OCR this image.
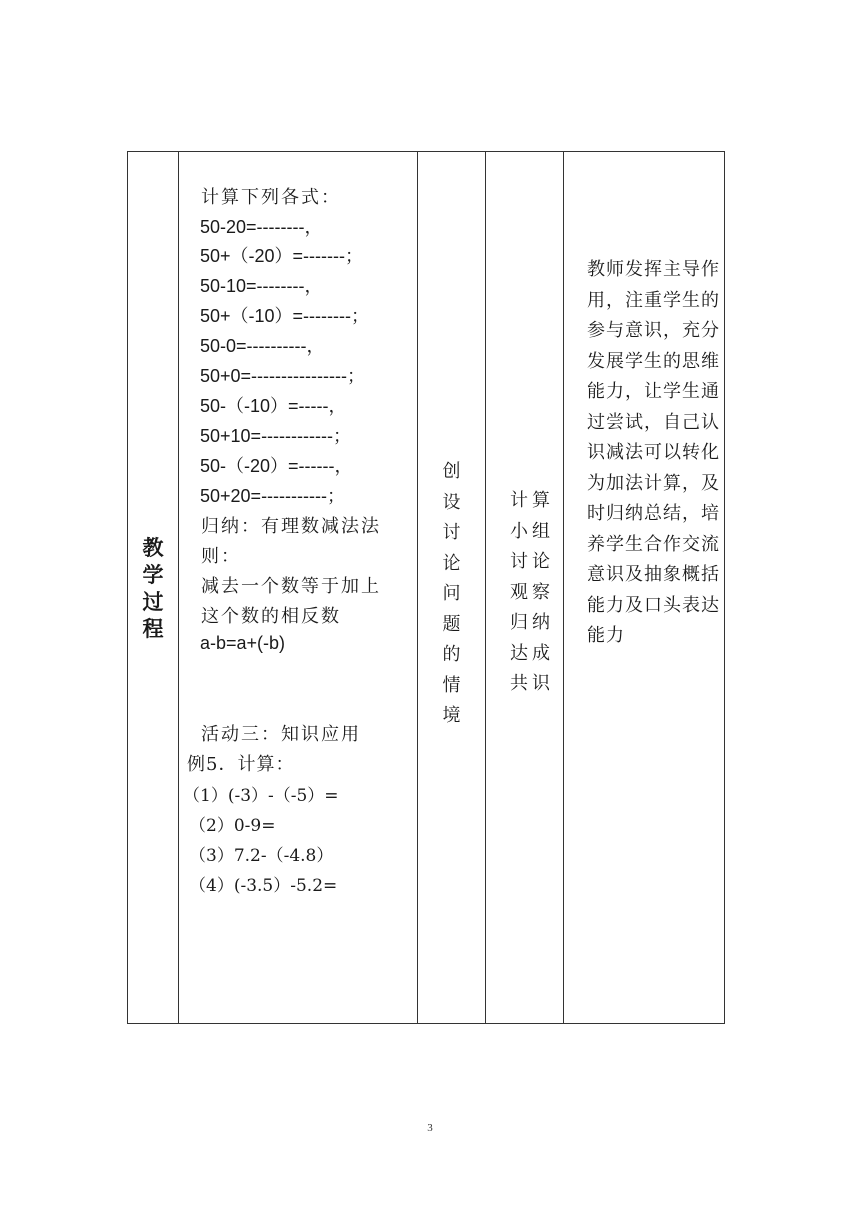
教学过程
计算下列各式：
50-20=--------，
50+（-20）=-------；
50-10=--------，
50+（-10）=--------；
50-0=----------，
50+0=----------------；
50-（-10）=-----，
50+10=------------；
50-（-20）=------，
50+20=-----------；
归纳：有理数减法法
则：
减去一个数等于加上
这个数的相反数
a-b=a+(-b)
活动三：知识应用
例5．计算：
（1）(-3）-（-5）=
（2）0-9=
（3）7.2-（-4.8）
（4）(-3.5）-5.2=
创设讨论问题的情境
计算小组讨论观察归纳达成共识
教师发挥主导作用，注重学生的参与意识，充分发展学生的思维能力，让学生通过尝试，自己认识减法可以转化为加法计算，及时归纳总结，培养学生合作交流意识及抽象概括能力及口头表达能力
3
